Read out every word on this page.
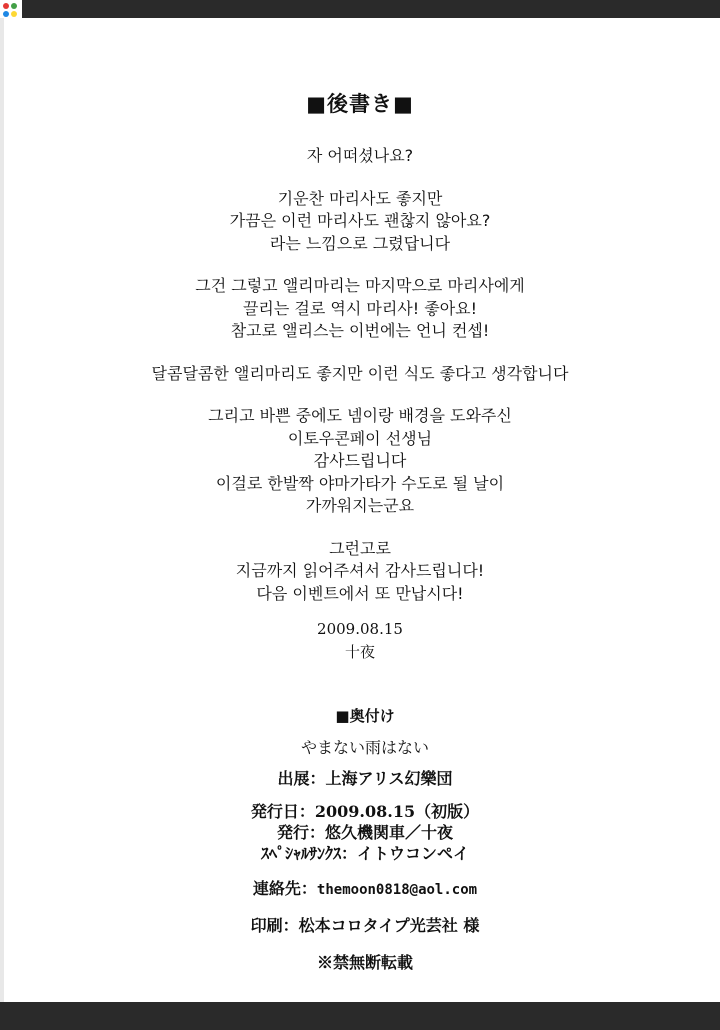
■後書き■
자 어떠셨나요?
기운찬 마리사도 좋지만
가끔은 이런 마리사도 괜찮지 않아요?
라는 느낌으로 그렸답니다
그건 그렇고 앨리마리는 마지막으로 마리사에게
끌리는 걸로 역시 마리사! 좋아요!
참고로 앨리스는 이번에는 언니 컨셉!
달콤달콤한 앨리마리도 좋지만 이런 식도 좋다고 생각합니다
그리고 바쁜 중에도 넴이랑 배경을 도와주신
이토우콘페이 선생님
감사드립니다
이걸로 한발짝 야마가타가 수도로 될 날이
가까워지는군요
그런고로
지금까지 읽어주셔서 감사드립니다!
다음 이벤트에서 또 만납시다!
2009.08.15
十夜
■奥付け
やまない雨はない
出展：上海アリス幻樂団
発行日：2009.08.15（初版）
発行：悠久機関車／十夜
ｽﾍﾟｼｬﾙｻﾝｸｽ：イトウコンペイ
連絡先：themoon0818@aol.com
印刷：松本コロタイプ光芸社 様
※禁無断転載
